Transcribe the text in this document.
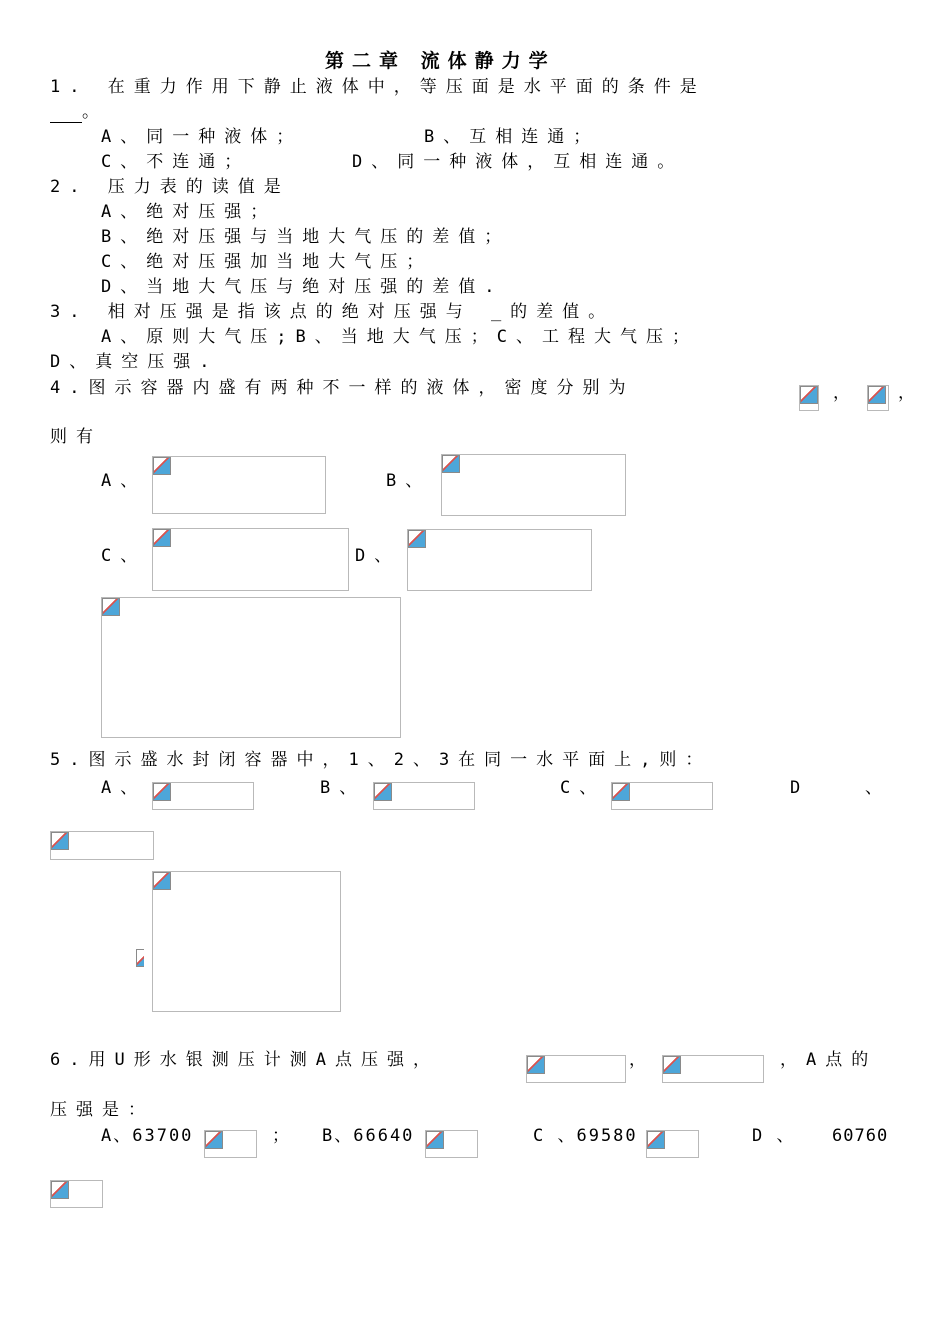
第二章 流体静力学
1. 在重力作用下静止液体中，等压面是水平面的条件是
。
A、同一种液体；	B、互相连通；
C、不连通；	D、同一种液体，互相连通。
2. 压力表的读值是
A、绝对压强；
B、绝对压强与当地大气压的差值；
C、绝对压强加当地大气压；
D、当地大气压与绝对压强的差值.
3. 相对压强是指该点的绝对压强与 _的差值。
A、原则大气压;B、当地大气压；C、工程大气压；
D、真空压强.
4.图示容器内盛有两种不一样的液体，密度分别为	， ，
则有
A、	B、
C、	D、
5.图示盛水封闭容器中，1、2、3在同一水平面上,则：
A、	B、	C、	D	、
6.用U形水银测压计测A点压强，	，	，A点的
压强是：
A、63700	； B、66640	C 、69580	D 、 60760
